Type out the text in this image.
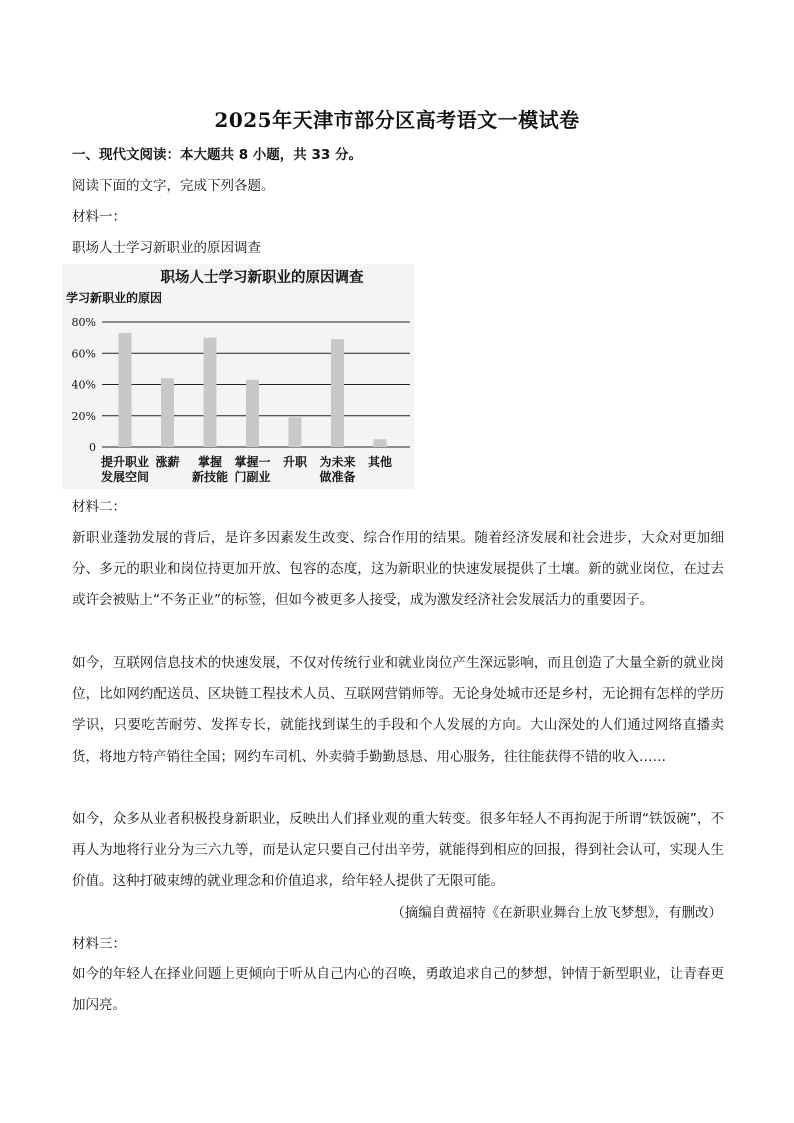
2025年天津市部分区高考语文一模试卷
一、现代文阅读：本大题共 8 小题，共 33 分。
阅读下面的文字，完成下列各题。
材料一：
职场人士学习新职业的原因调查
职场人士学习新职业的原因调查
学习新职业的原因
0
20%
40%
60%
80%
提升职业
发展空间
涨薪 掌握
新技能
掌握一
门副业
升职 为未来
做准备
其他
材料二：

新职业蓬勃发展的背后，是许多因素发生改变、综合作用的结果。随着经济发展和社会进步，大众对更加细分、多元的职业和岗位持更加开放、包容的态度，这为新职业的快速发展提供了土壤。新的就业岗位，在过去或许会被贴上“不务正业”的标签，但如今被更多人接受，成为激发经济社会发展活力的重要因子。

如今，互联网信息技术的快速发展，不仅对传统行业和就业岗位产生深远影响，而且创造了大量全新的就业岗位，比如网约配送员、区块链工程技术人员、互联网营销师等。无论身处城市还是乡村，无论拥有怎样的学历学识，只要吃苦耐劳、发挥专长，就能找到谋生的手段和个人发展的方向。大山深处的人们通过网络直播卖货，将地方特产销往全国；网约车司机、外卖骑手勤勤恳恳、用心服务，往往能获得不错的收入……

如今，众多从业者积极投身新职业，反映出人们择业观的重大转变。很多年轻人不再拘泥于所谓“铁饭碗”，不再人为地将行业分为三六九等，而是认定只要自己付出辛劳，就能得到相应的回报，得到社会认可，实现人生价值。这种打破束缚的就业理念和价值追求，给年轻人提供了无限可能。

（摘编自黄福特《在新职业舞台上放飞梦想》，有删改）
材料三：

如今的年轻人在择业问题上更倾向于听从自己内心的召唤，勇敢追求自己的梦想，钟情于新型职业，让青春更加闪亮。
